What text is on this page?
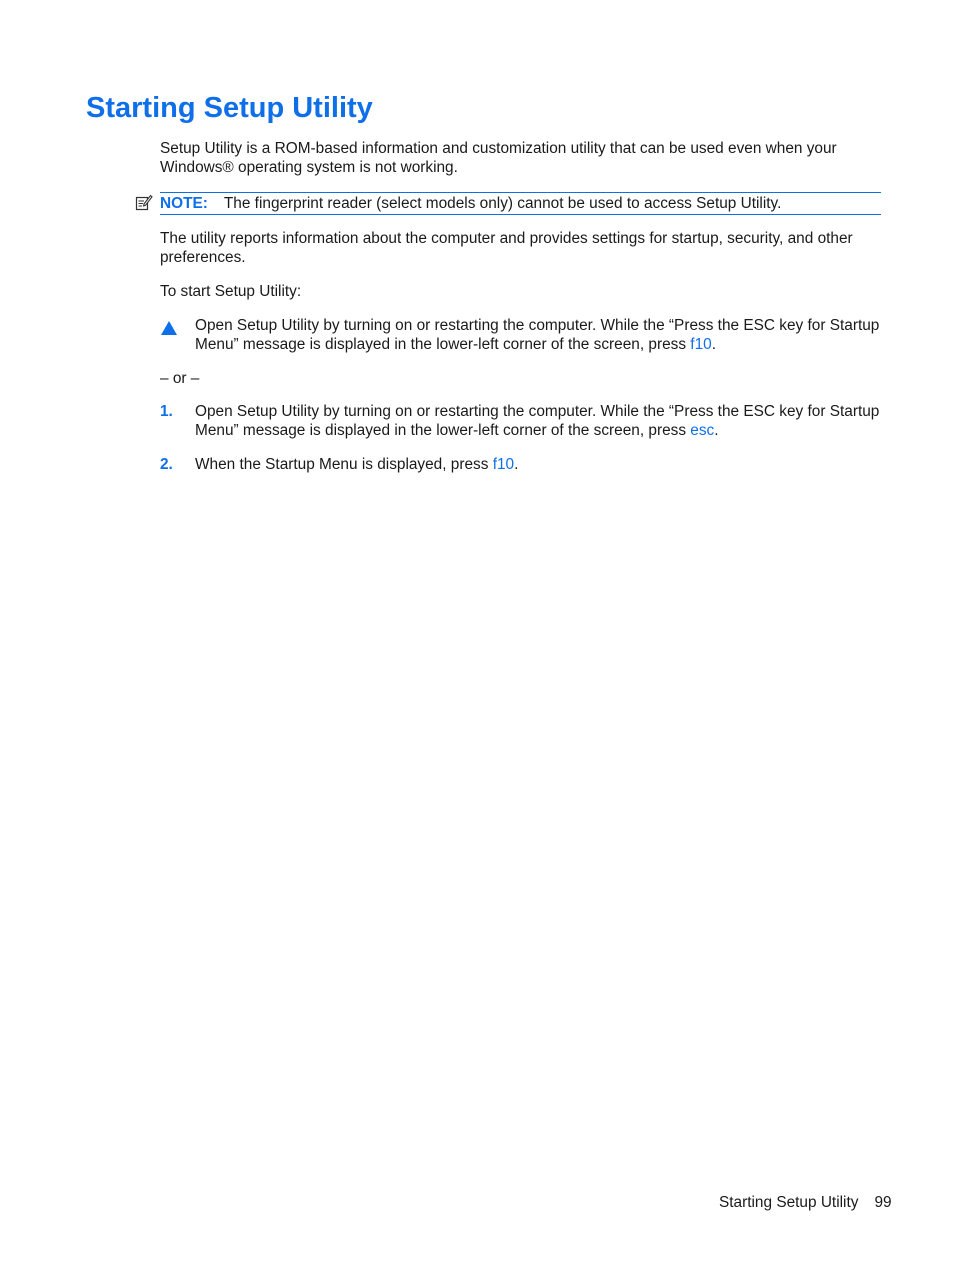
Starting Setup Utility

Setup Utility is a ROM-based information and customization utility that can be used even when your Windows® operating system is not working.

NOTE: The fingerprint reader (select models only) cannot be used to access Setup Utility.

The utility reports information about the computer and provides settings for startup, security, and other preferences.

To start Setup Utility:

Open Setup Utility by turning on or restarting the computer. While the “Press the ESC key for Startup Menu” message is displayed in the lower-left corner of the screen, press f10.

– or –

1. Open Setup Utility by turning on or restarting the computer. While the “Press the ESC key for Startup Menu” message is displayed in the lower-left corner of the screen, press esc.
2. When the Startup Menu is displayed, press f10.
Starting Setup Utility 99
